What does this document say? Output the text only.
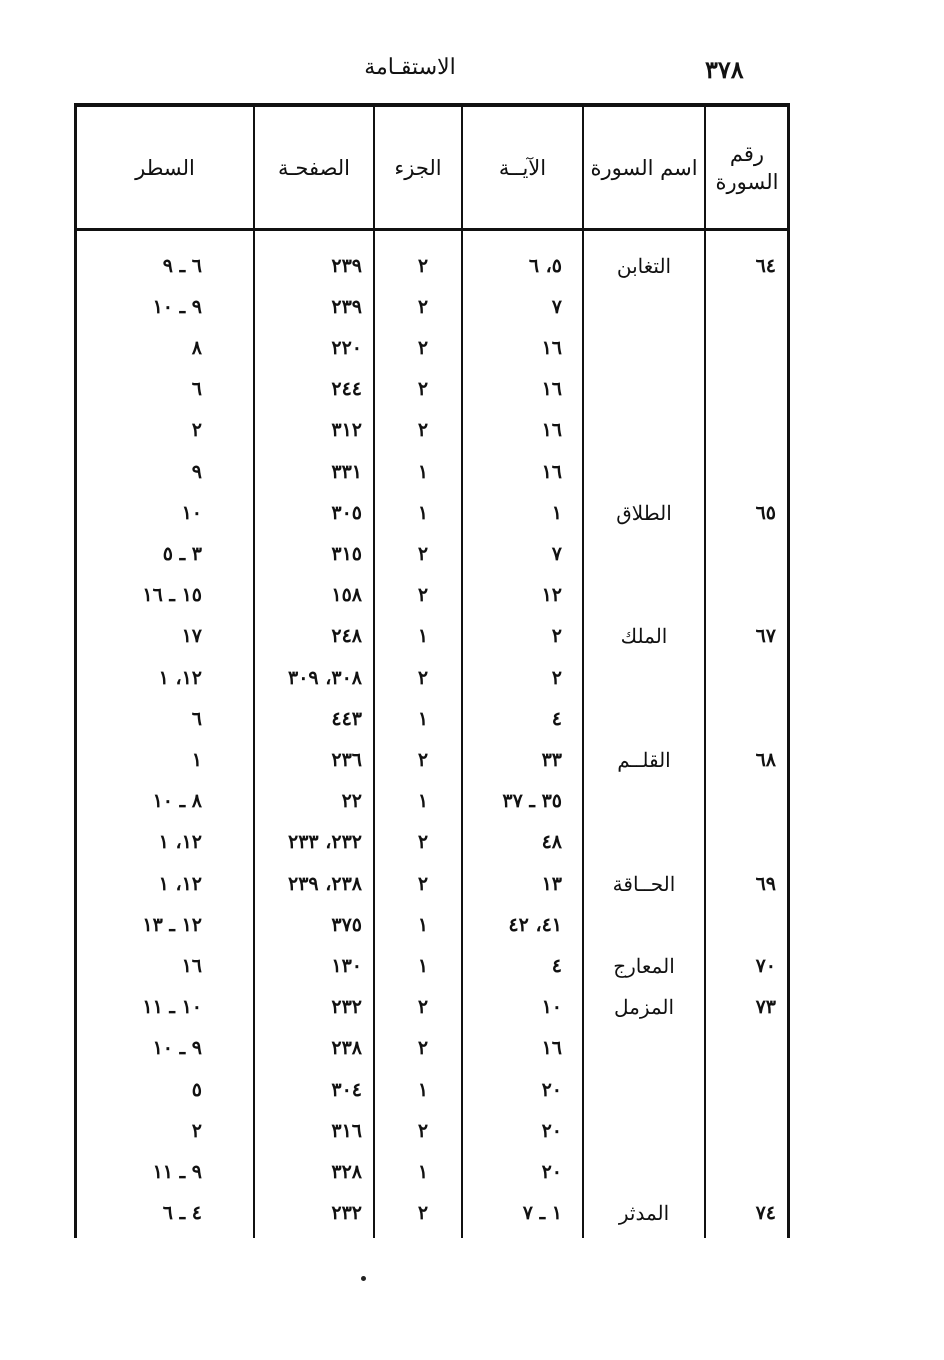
٣٧٨
الاستقـامة
رقم السورة
اسم السورة
الآيــة
الجزء
الصفحـة
السطر
٦٤
التغابن
٥، ٦
٢
٢٣٩
٦ ـ ٩
٧
٢
٢٣٩
٩ ـ ١٠
١٦
٢
٢٢٠
٨
١٦
٢
٢٤٤
٦
١٦
٢
٣١٢
٢
١٦
١
٣٣١
٩
٦٥
الطلاق
١
١
٣٠٥
١٠
٧
٢
٣١٥
٣ ـ ٥
١٢
٢
١٥٨
١٥ ـ ١٦
٦٧
الملك
٢
١
٢٤٨
١٧
٢
٢
٣٠٨، ٣٠٩
١٢، ١
٤
١
٤٤٣
٦
٦٨
القلــم
٣٣
٢
٢٣٦
١
٣٥ ـ ٣٧
١
٢٢
٨ ـ ١٠
٤٨
٢
٢٣٢، ٢٣٣
١٢، ١
٦٩
الحــاقة
١٣
٢
٢٣٨، ٢٣٩
١٢، ١
٤١، ٤٢
١
٣٧٥
١٢ ـ ١٣
٧٠
المعارج
٤
١
١٣٠
١٦
٧٣
المزمل
١٠
٢
٢٣٢
١٠ ـ ١١
١٦
٢
٢٣٨
٩ ـ ١٠
٢٠
١
٣٠٤
٥
٢٠
٢
٣١٦
٢
٢٠
١
٣٢٨
٩ ـ ١١
٧٤
المدثر
١ ـ ٧
٢
٢٣٢
٤ ـ ٦
